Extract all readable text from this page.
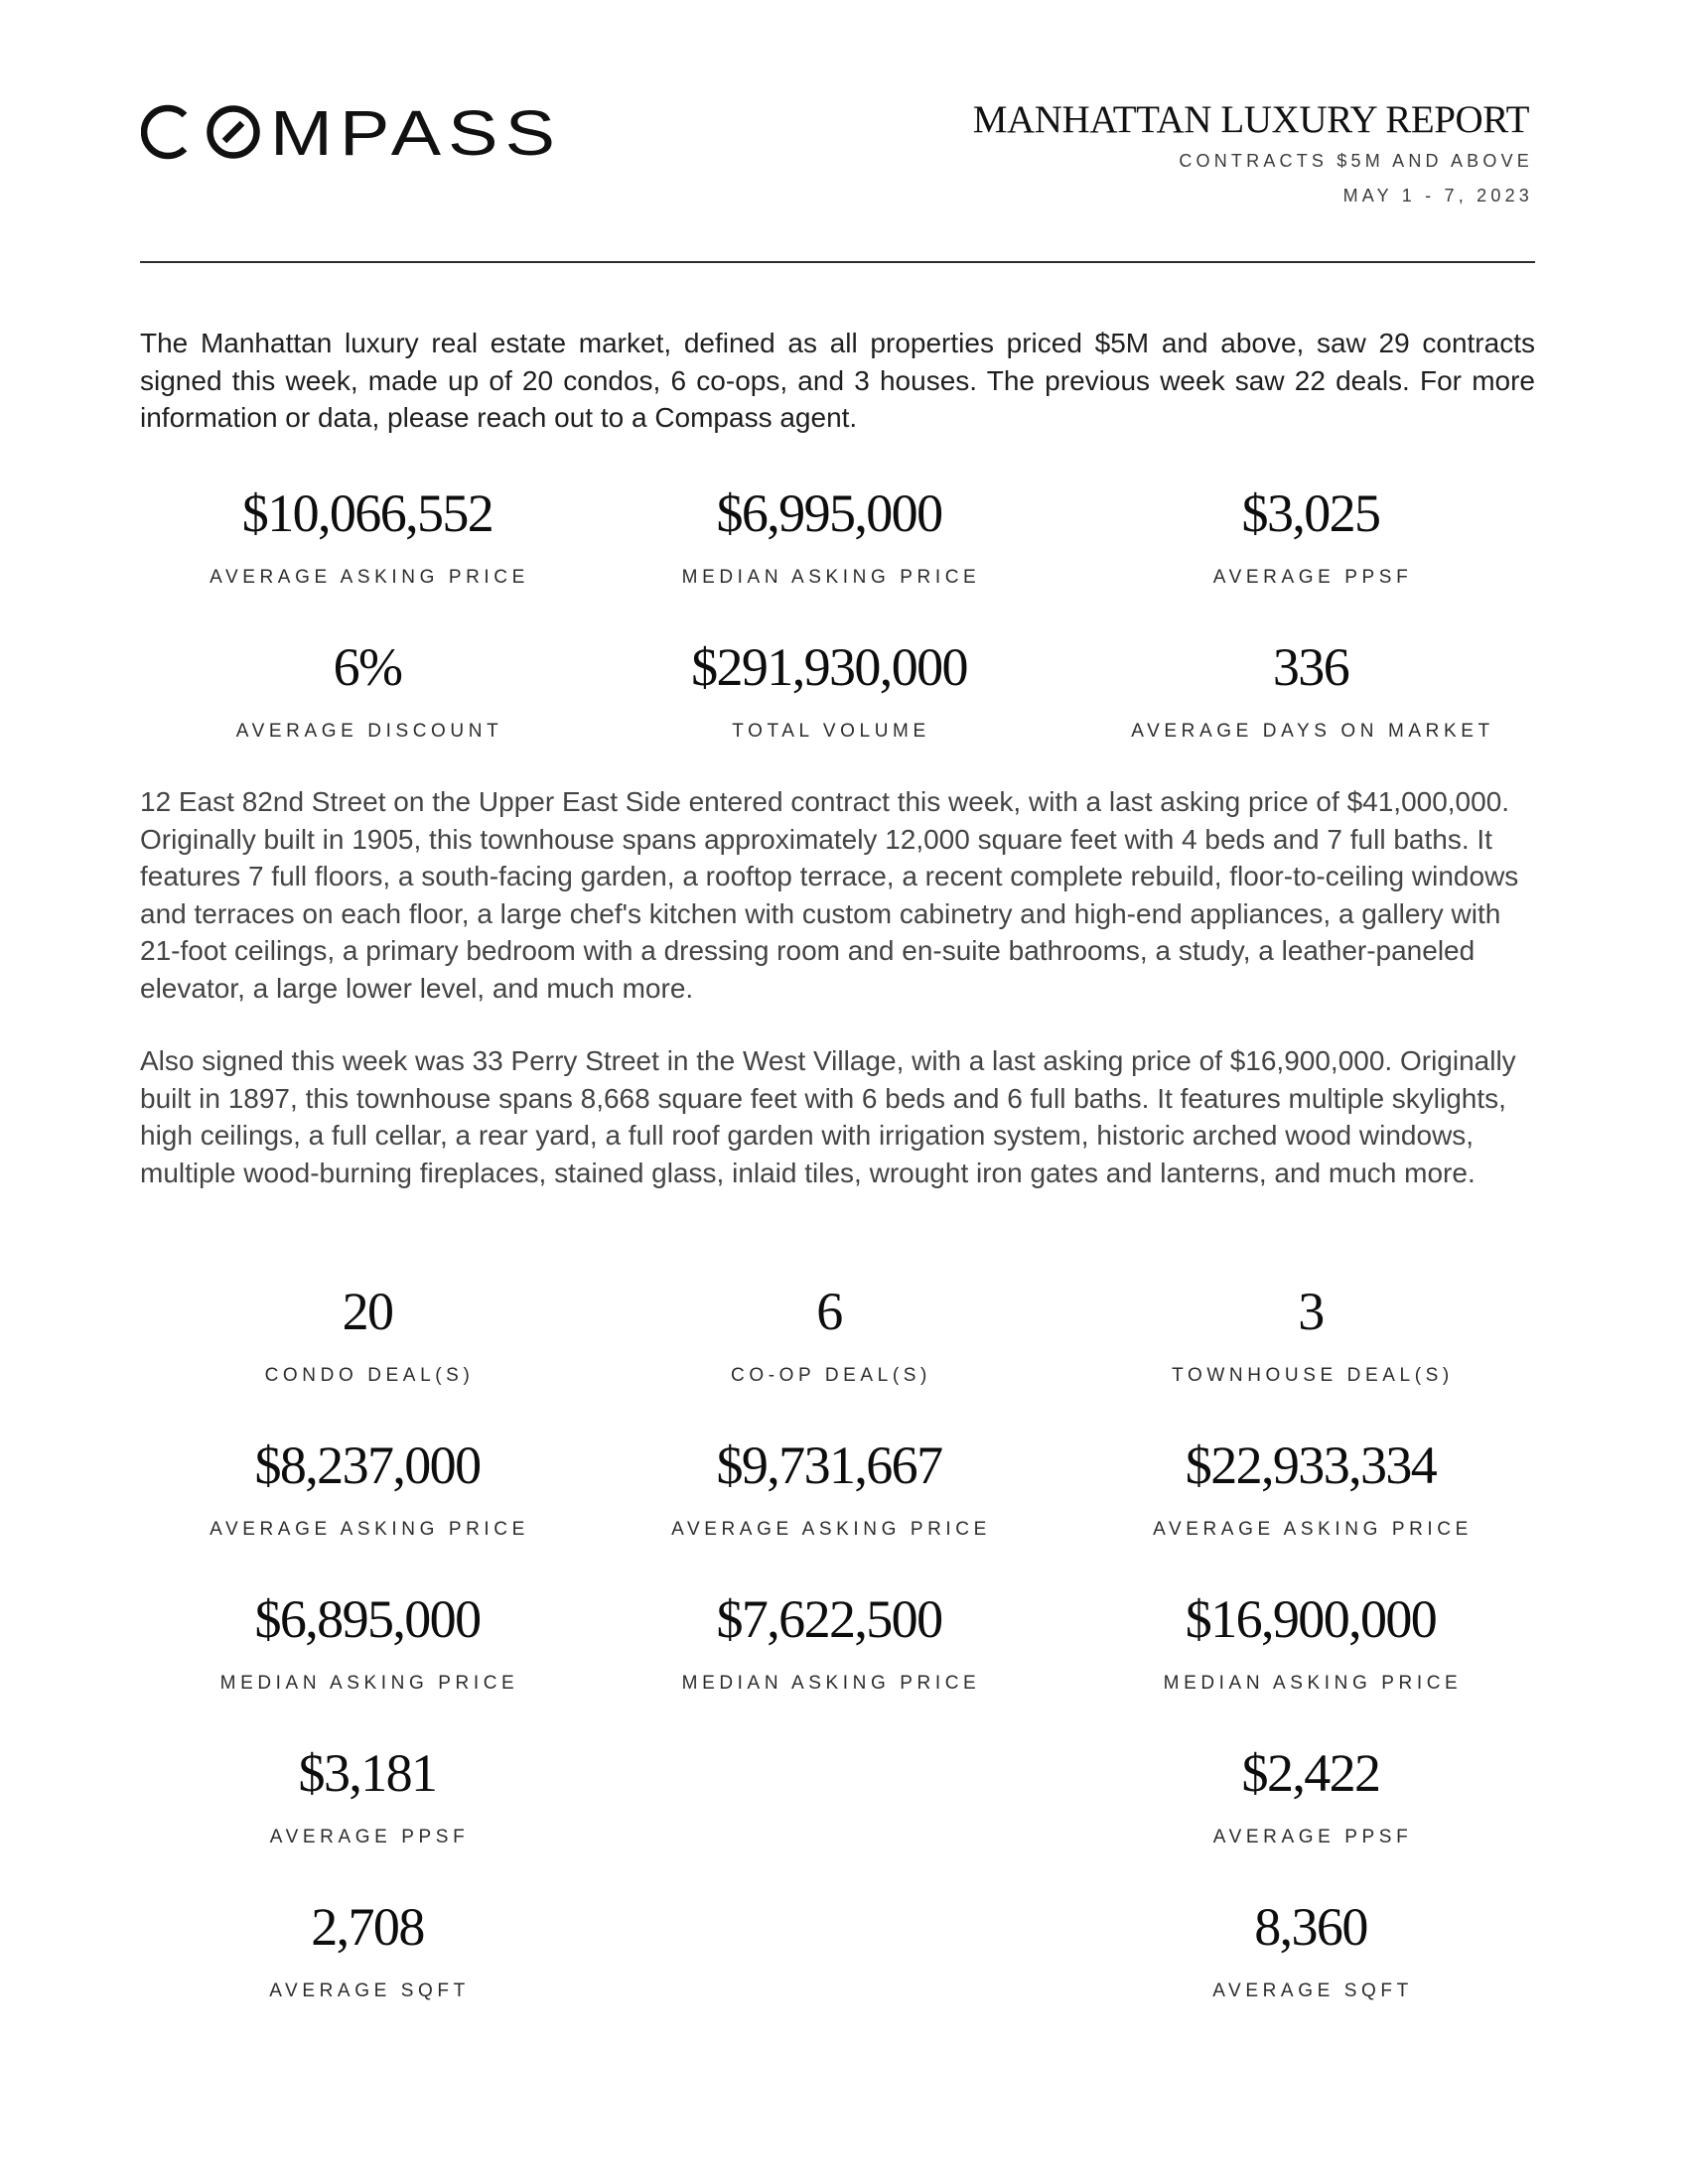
MPASS	MANHATTAN LUXURY REPORT
CONTRACTS $5M AND ABOVE
MAY 1 - 7, 2023

The Manhattan luxury real estate market, defined as all properties priced $5M and above, saw 29 contracts signed this week, made up of 20 condos, 6 co-ops, and 3 houses. The previous week saw 22 deals. For more information or data, please reach out to a Compass agent.

$10,066,552
AVERAGE ASKING PRICE
$6,995,000
MEDIAN ASKING PRICE
$3,025
AVERAGE PPSF
6%
AVERAGE DISCOUNT
$291,930,000
TOTAL VOLUME
336
AVERAGE DAYS ON MARKET

12 East 82nd Street on the Upper East Side entered contract this week, with a last asking price of $41,000,000. Originally built in 1905, this townhouse spans approximately 12,000 square feet with 4 beds and 7 full baths. It features 7 full floors, a south-facing garden, a rooftop terrace, a recent complete rebuild, floor-to-ceiling windows and terraces on each floor, a large chef's kitchen with custom cabinetry and high-end appliances, a gallery with 21-foot ceilings, a primary bedroom with a dressing room and en-suite bathrooms, a study, a leather-paneled elevator, a large lower level, and much more.

Also signed this week was 33 Perry Street in the West Village, with a last asking price of $16,900,000. Originally built in 1897, this townhouse spans 8,668 square feet with 6 beds and 6 full baths. It features multiple skylights, high ceilings, a full cellar, a rear yard, a full roof garden with irrigation system, historic arched wood windows, multiple wood-burning fireplaces, stained glass, inlaid tiles, wrought iron gates and lanterns, and much more.

20
CONDO DEAL(S)
6
CO-OP DEAL(S)
3
TOWNHOUSE DEAL(S)
$8,237,000
AVERAGE ASKING PRICE
$9,731,667
AVERAGE ASKING PRICE
$22,933,334
AVERAGE ASKING PRICE
$6,895,000
MEDIAN ASKING PRICE
$7,622,500
MEDIAN ASKING PRICE
$16,900,000
MEDIAN ASKING PRICE
$3,181
AVERAGE PPSF
$2,422
AVERAGE PPSF
2,708
AVERAGE SQFT
8,360
AVERAGE SQFT
